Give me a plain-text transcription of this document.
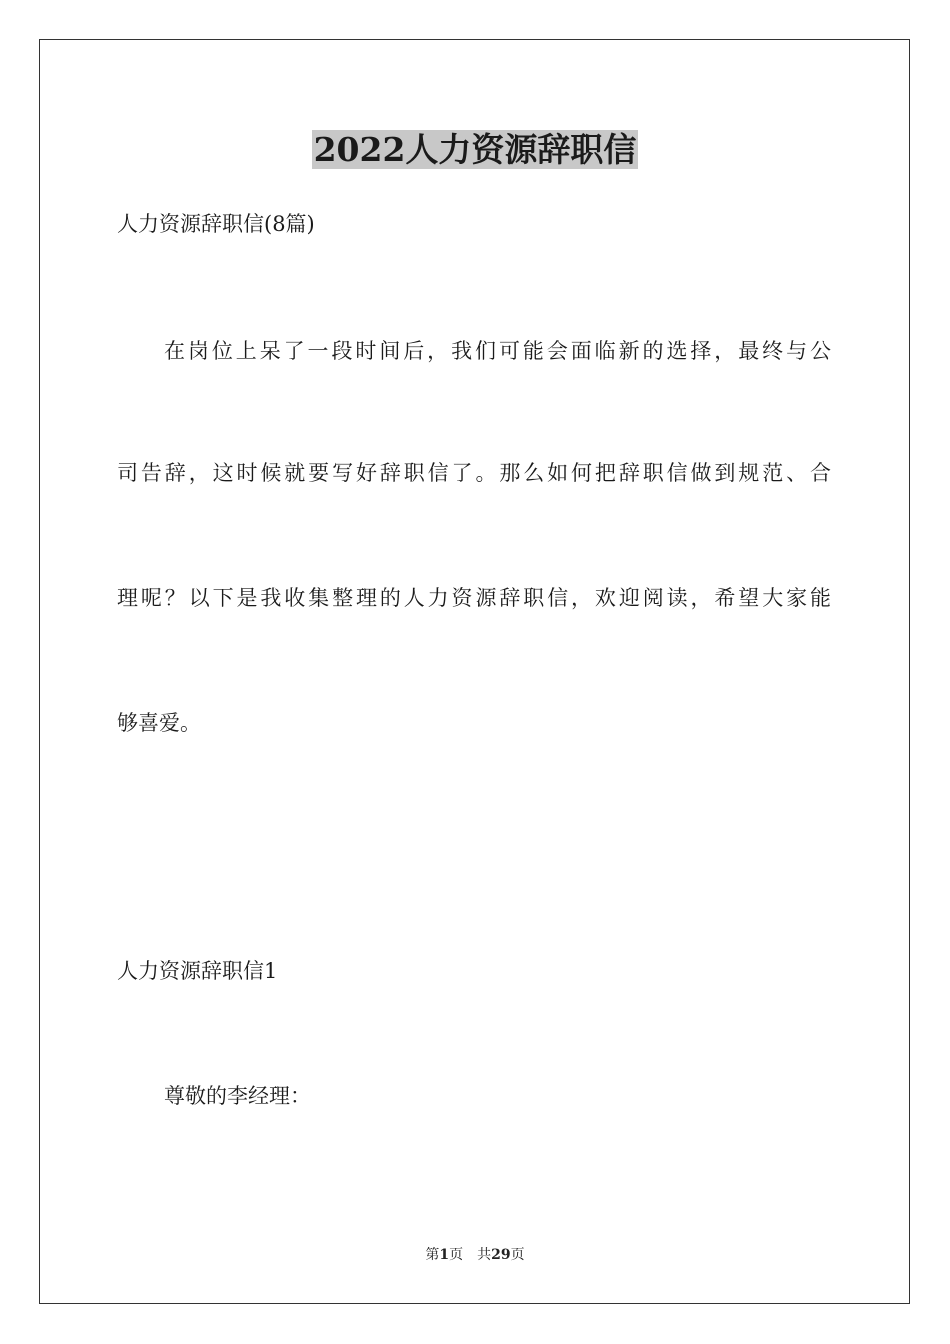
2022人力资源辞职信
人力资源辞职信(8篇)
在岗位上呆了一段时间后，我们可能会面临新的选择，最终与公
司告辞，这时候就要写好辞职信了。那么如何把辞职信做到规范、合
理呢？以下是我收集整理的人力资源辞职信，欢迎阅读，希望大家能
够喜爱。
人力资源辞职信1
尊敬的李经理：
第1页 共29页
